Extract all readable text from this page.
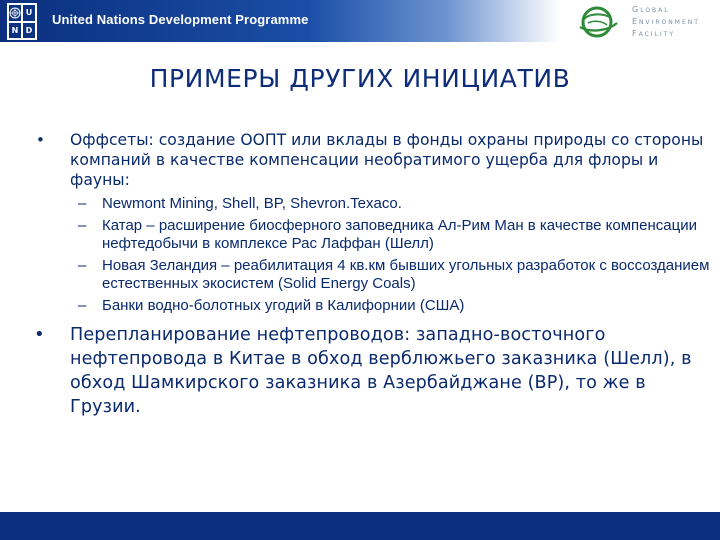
U
N D
United Nations Development Programme
Global
Environment
Facility
ПРИМЕРЫ ДРУГИХ ИНИЦИАТИВ
• Оффсеты: создание ООПТ или вклады в фонды охраны природы со стороны компаний в качестве компенсации необратимого ущерба для флоры и фауны:
– Newmont Mining, Shell, BP, Shevron.Texaco.
– Катар – расширение биосферного заповедника Ал-Рим Ман в качестве компенсации нефтедобычи в комплексе Рас Лаффан (Шелл)
– Новая Зеландия – реабилитация 4 кв.км бывших угольных разработок с воссозданием естественных экосистем (Solid Energy Coals)
– Банки водно-болотных угодий в Калифорнии (США)
• Перепланирование нефтепроводов: западно-восточного нефтепровода в Китае в обход верблюжьего заказника (Шелл), в обход Шамкирского заказника в Азербайджане (ВР), то же в Грузии.
